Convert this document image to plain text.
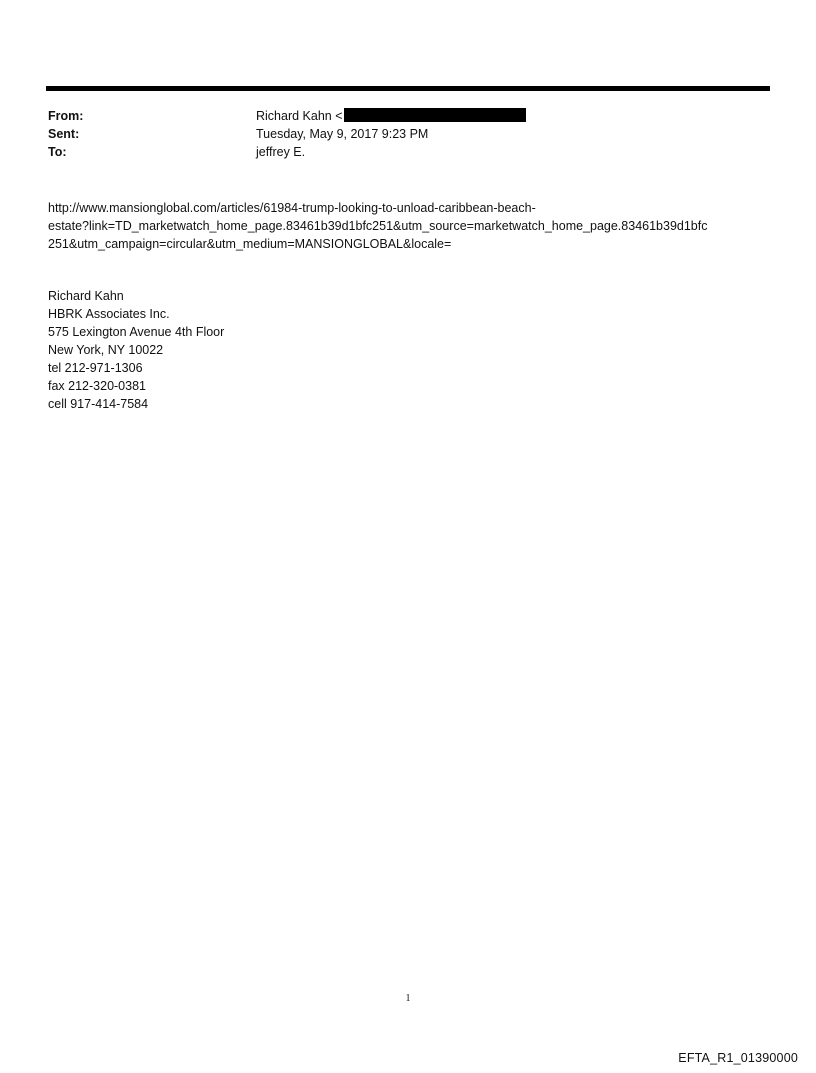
From:	Richard Kahn <
Sent:	Tuesday, May 9, 2017 9:23 PM
To:	jeffrey E.
http://www.mansionglobal.com/articles/61984-trump-looking-to-unload-caribbean-beach-
estate?link=TD_marketwatch_home_page.83461b39d1bfc251&utm_source=marketwatch_home_page.83461b39d1bfc
251&utm_campaign=circular&utm_medium=MANSIONGLOBAL&locale=
Richard Kahn
HBRK Associates Inc.
575 Lexington Avenue 4th Floor
New York, NY 10022
tel 212-971-1306
fax 212-320-0381
cell 917-414-7584
1
EFTA_R1_01390000
